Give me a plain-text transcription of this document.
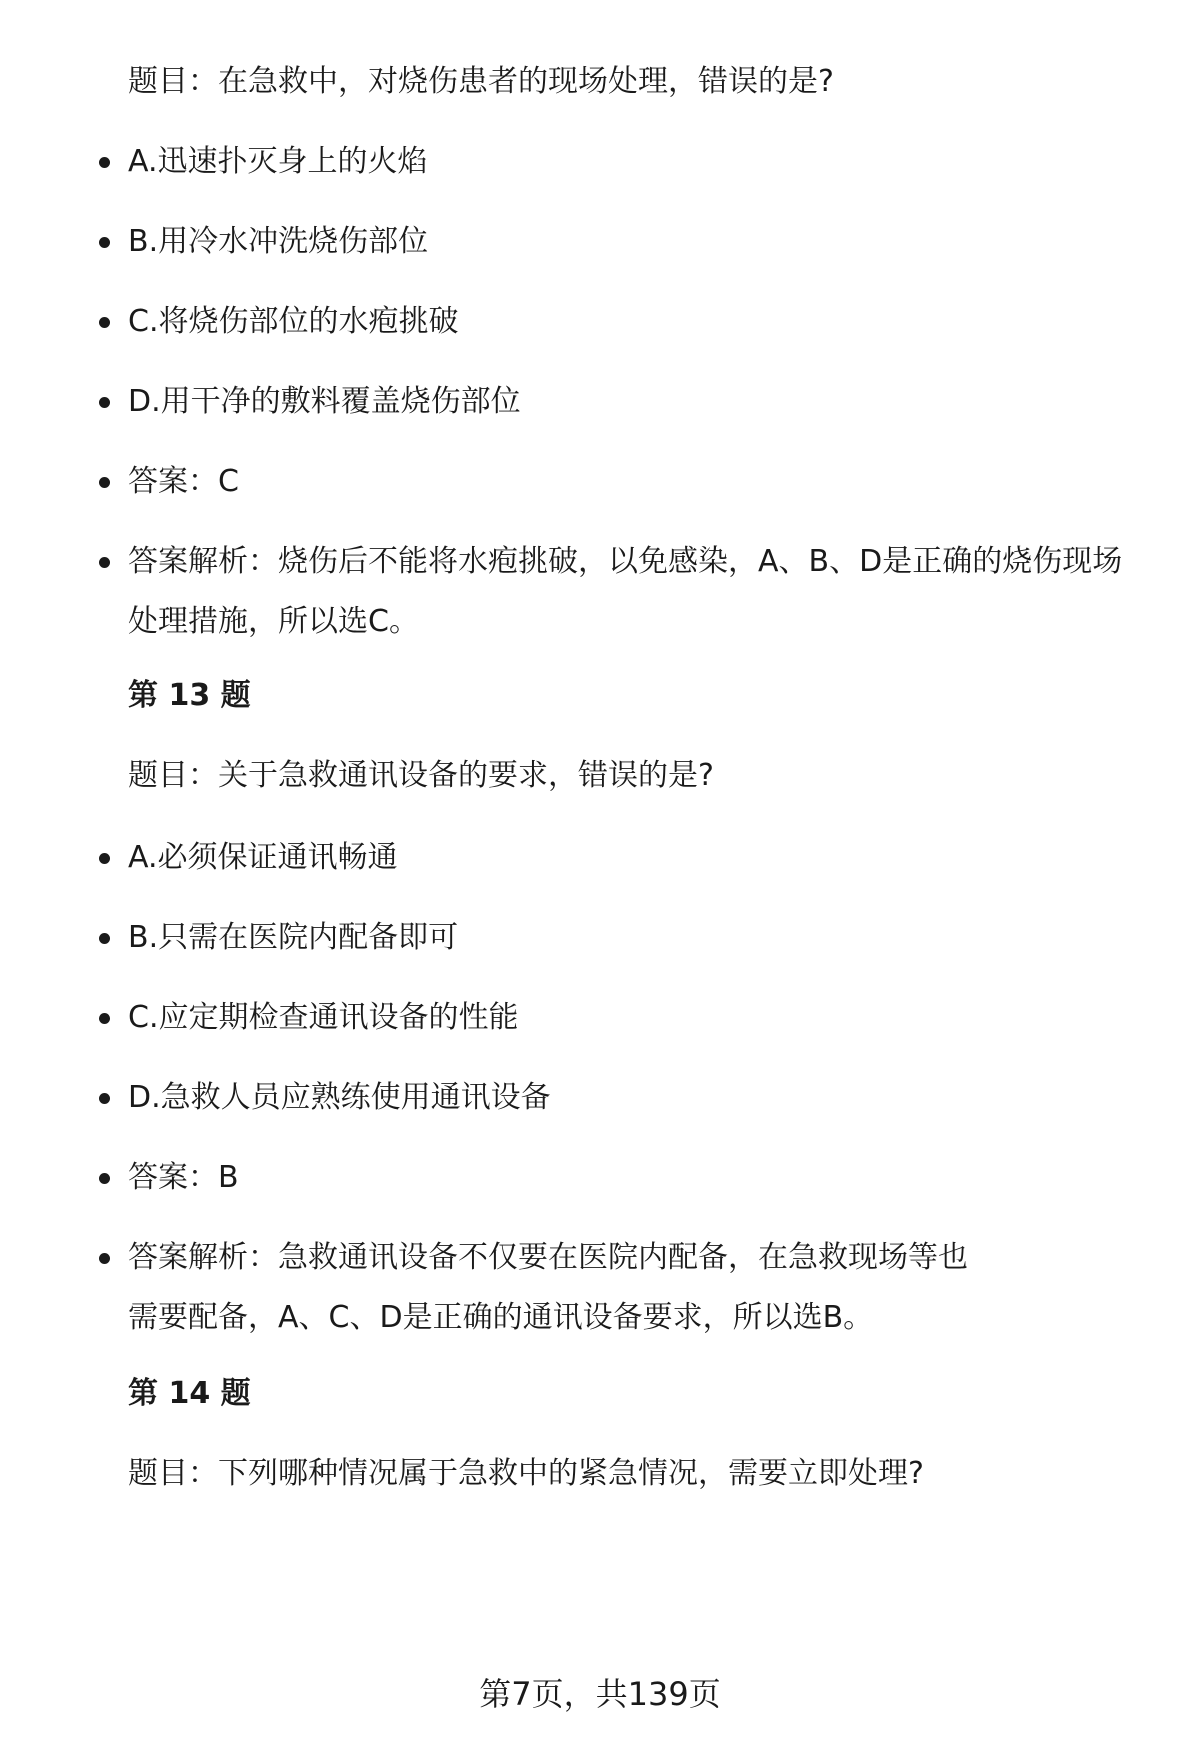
题目：在急救中，对烧伤患者的现场处理，错误的是?
A.迅速扑灭身上的火焰
B.用冷水冲洗烧伤部位
C.将烧伤部位的水疱挑破
D.用干净的敷料覆盖烧伤部位
答案：C
答案解析：烧伤后不能将水疱挑破，以免感染，A、B、D是正确的烧伤现场处理措施，所以选C。
第 13 题
题目：关于急救通讯设备的要求，错误的是?
A.必须保证通讯畅通
B.只需在医院内配备即可
C.应定期检查通讯设备的性能
D.急救人员应熟练使用通讯设备
答案：B
答案解析：急救通讯设备不仅要在医院内配备，在急救现场等也需要配备，A、C、D是正确的通讯设备要求，所以选B。
第 14 题
题目：下列哪种情况属于急救中的紧急情况，需要立即处理?
第7页，共139页
